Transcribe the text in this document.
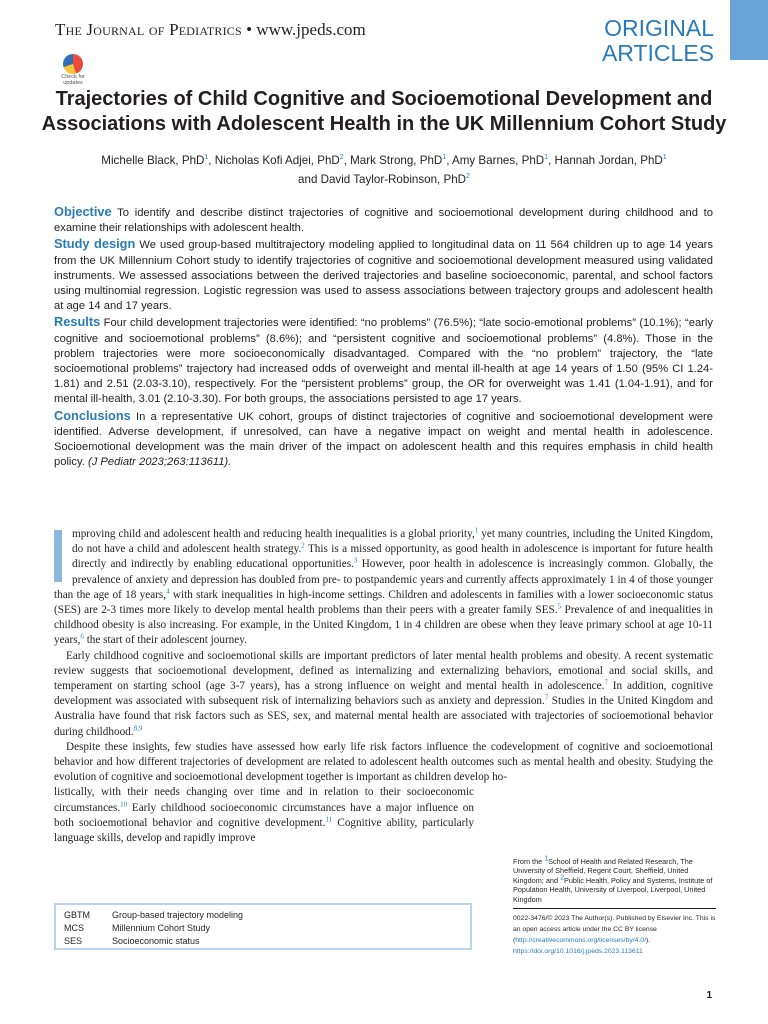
The Journal of Pediatrics • www.jpeds.com	ORIGINAL
ARTICLES
Check for updates
Trajectories of Child Cognitive and Socioemotional Development and Associations with Adolescent Health in the UK Millennium Cohort Study
Michelle Black, PhD$^1$, Nicholas Kofi Adjei, PhD$^2$, Mark Strong, PhD$^1$, Amy Barnes, PhD$^1$, Hannah Jordan, PhD$^1$
and David Taylor-Robinson, PhD$^2$

Objective To identify and describe distinct trajectories of cognitive and socioemotional development during childhood and to examine their relationships with adolescent health.

Study design We used group-based multitrajectory modeling applied to longitudinal data on 11 564 children up to age 14 years from the UK Millennium Cohort study to identify trajectories of cognitive and socioemotional development measured using validated instruments. We assessed associations between the derived trajectories and baseline socioeconomic, parental, and school factors using multinomial regression. Logistic regression was used to assess associations between trajectory groups and adolescent health at age 14 and 17 years.

Results Four child development trajectories were identified: “no problems” (76.5%); “late socio-emotional problems” (10.1%); “early cognitive and socioemotional problems” (8.6%); and “persistent cognitive and socioemotional problems” (4.8%). Those in the problem trajectories were more socioeconomically disadvantaged. Compared with the “no problem” trajectory, the “late socioemotional problems” trajectory had increased odds of overweight and mental ill-health at age 14 years of 1.50 (95% CI 1.24-1.81) and 2.51 (2.03-3.10), respectively. For the “persistent problems” group, the OR for overweight was 1.41 (1.04-1.91), and for mental ill-health, 3.01 (2.10-3.30). For both groups, the associations persisted to age 17 years.

Conclusions In a representative UK cohort, groups of distinct trajectories of cognitive and socioemotional development were identified. Adverse development, if unresolved, can have a negative impact on weight and mental health in adolescence. Socioemotional development was the main driver of the impact on adolescent health and this requires emphasis in child health policy. (J Pediatr 2023;263:113611).

mproving child and adolescent health and reducing health inequalities is a global priority,$^1$ yet many countries, including the United Kingdom, do not have a child and adolescent health strategy.$^2$ This is a missed opportunity, as good health in adolescence is important for future health directly and indirectly by enabling educational opportunities.$^3$ However, poor health in adolescence is increasingly common. Globally, the prevalence of anxiety and depression has doubled from pre- to postpandemic years and currently affects approximately 1 in 4 of those younger than the age of 18 years,$^4$ with stark inequalities in high-income settings. Children and adolescents in families with a lower socioeconomic status (SES) are 2-3 times more likely to develop mental health problems than their peers with a greater family SES.$^5$ Prevalence of and inequalities in childhood obesity is also increasing. For example, in the United Kingdom, 1 in 4 children are obese when they leave primary school at age 10-11 years,$^6$ the start of their adolescent journey.

Early childhood cognitive and socioemotional skills are important predictors of later mental health problems and obesity. A recent systematic review suggests that socioemotional development, defined as internalizing and externalizing behaviors, emotional and social skills, and temperament on starting school (age 3-7 years), has a strong influence on weight and mental health in adolescence.$^7$ In addition, cognitive development was associated with subsequent risk of internalizing behaviors such as anxiety and depression.$^7$ Studies in the United Kingdom and Australia have found that risk factors such as SES, sex, and maternal mental health are associated with trajectories of socioemotional behavior during childhood.$^{8,9}$

Despite these insights, few studies have assessed how early life risk factors influence the codevelopment of cognitive and socioemotional behavior and how different trajectories of development are related to adolescent health outcomes such as mental health and obesity. Studying the evolution of cognitive and socioemotional development together is important as children develop ho-

listically, with their needs changing over time and in relation to their socioeconomic circumstances.$^{10}$ Early childhood socioeconomic circumstances have a major influence on both socioemotional behavior and cognitive development.$^{11}$ Cognitive ability, particularly language skills, develop and rapidly improve

GBTM Group-based trajectory modeling
MCS	Millennium Cohort Study
SES	Socioeconomic status
From the $^1$School of Health and Related Research, The University of Sheffield, Regent Court, Sheffield, United Kingdom; and $^2$Public Health, Policy and Systems, Institute of Population Health, University of Liverpool, Liverpool, United Kingdom
0022-3476/© 2023 The Author(s). Published by Elsevier Inc. This is an open access article under the CC BY license (http://creativecommons.org/licenses/by/4.0/).
https://doi.org/10.1016/j.jpeds.2023.113611
1
